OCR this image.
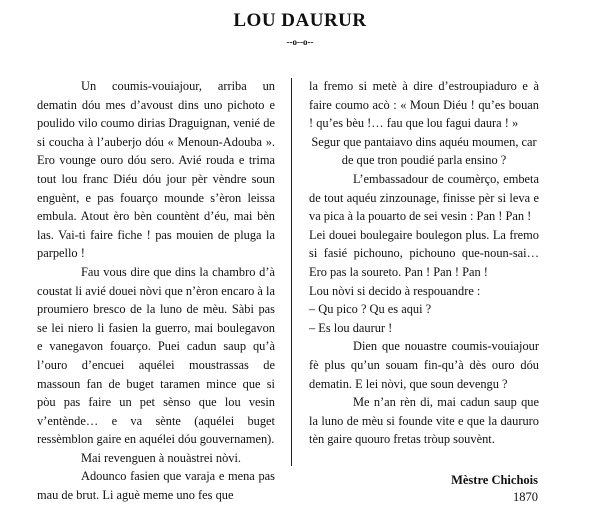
LOU DAURUR
--o--o--

Un coumis-vouiajour, arriba un dematin dóu mes d’avoust dins uno pichoto e poulido vilo coumo dirias Draguignan, venié de si coucha à l’auberjo dóu « Menoun-Adouba ». Ero vounge ouro dóu sero. Avié rouda e trima tout lou franc Diéu dóu jour pèr vèndre soun enguènt, e pas fouarço mounde s’èron leissa embula. Atout èro bèn countènt d’éu, mai bèn las. Vai-ti faire fiche ! pas mouien de pluga la parpello !

Fau vous dire que dins la chambro d’à coustat li avié douei nòvi que n’èron encaro à la proumiero bresco de la luno de mèu. Sàbi pas se lei niero li fasien la guerro, mai boulegavon e vanegavon fouarço. Puei cadun saup qu’à l’ouro d’encuei aquélei moustrassas de massoun fan de buget taramen mince que si pòu pas faire un pet sènso que lou vesin v’entènde… e va sènte (aquélei buget ressèmblon gaire en aquélei dóu gouvernamen).

Mai revenguen à nouàstrei nòvi.

Adounco fasien que varaja e mena pas mau de brut. Li aguè meme uno fes que

la fremo si metè à dire d’estroupiaduro e à faire coumo acò : « Moun Diéu ! qu’es bouan ! qu’es bèu !… fau que lou fagui daura ! »

Segur que pantaiavo dins aquéu moumen, car de que tron poudié parla ensino ?

L’embassadour de coumèrço, embeta de tout aquéu zinzounage, finisse pèr si leva e va pica à la pouarto de sei vesin : Pan ! Pan !

Lei douei boulegaire boulegon plus. La fremo si fasié pichouno, pichouno que-noun-sai… Ero pas la soureto. Pan ! Pan ! Pan !

Lou nòvi si decido à respouandre :

– Qu pico ? Qu es aqui ?

– Es lou daurur !

Dien que nouastre coumis-vouiajour fè plus qu’un souam fin-qu’à dès ouro dóu dematin. E lei nòvi, que soun devengu ?

Me n’an rèn di, mai cadun saup que la luno de mèu si founde vite e que la daururo tèn gaire quouro fretas tròup souvènt.

Mèstre Chichois
1870
